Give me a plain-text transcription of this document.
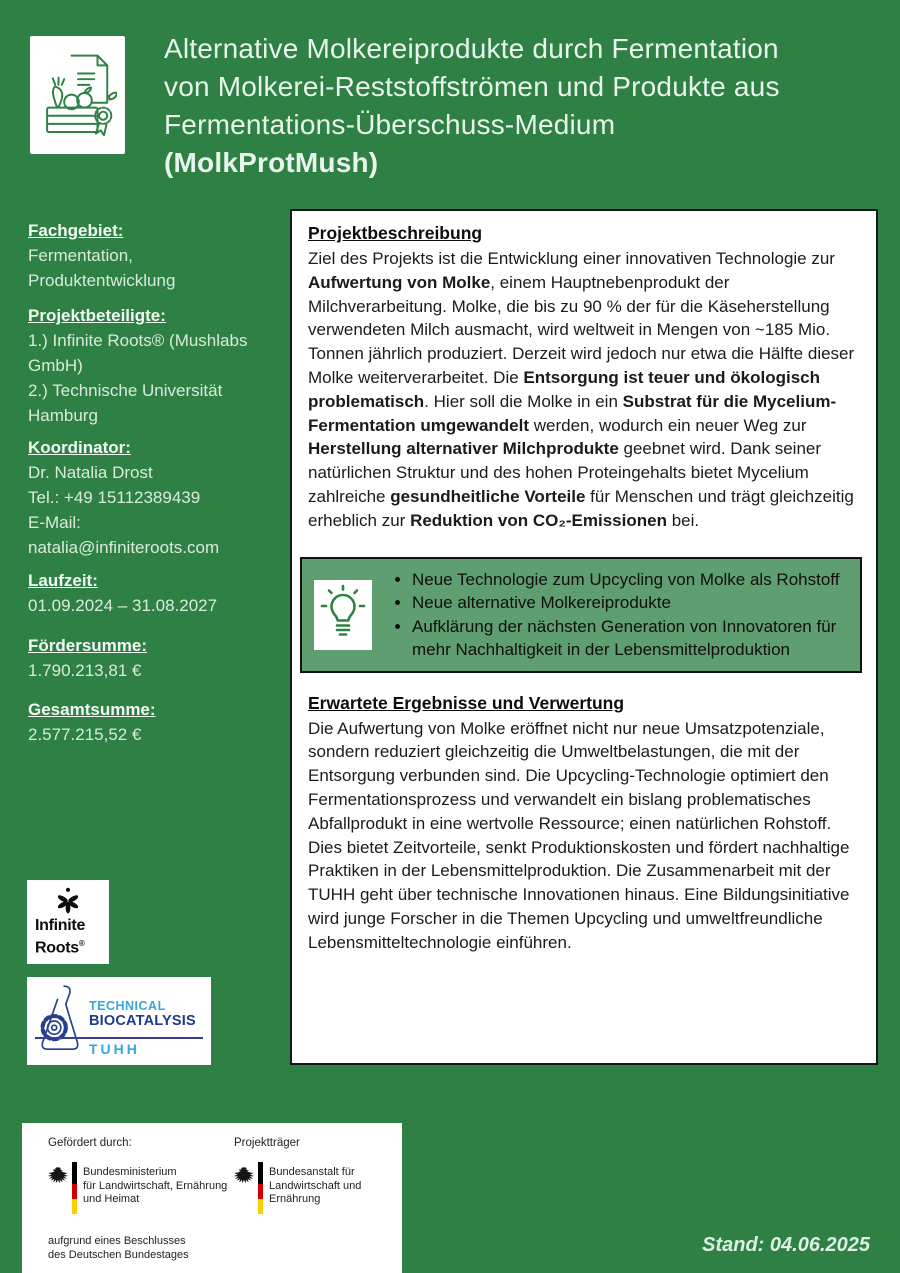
Alternative Molkereiprodukte durch Fermentation
von Molkerei-Reststoffströmen und Produkte aus
Fermentations-Überschuss-Medium
(MolkProtMush)
Fachgebiet:
Fermentation,
Produktentwicklung
Projektbeteiligte:
1.) Infinite Roots® (Mushlabs
GmbH)
2.) Technische Universität
Hamburg
Koordinator:
Dr. Natalia Drost
Tel.: +49 15112389439
E-Mail:
natalia@infiniteroots.com
Laufzeit:
01.09.2024 – 31.08.2027
Fördersumme:
1.790.213,81 €
Gesamtsumme:
2.577.215,52 €
Projektbeschreibung

Ziel des Projekts ist die Entwicklung einer innovativen Technologie zur Aufwertung von Molke, einem Hauptnebenprodukt der Milchverarbeitung. Molke, die bis zu 90 % der für die Käseherstellung verwendeten Milch ausmacht, wird weltweit in Mengen von ~185 Mio. Tonnen jährlich produziert. Derzeit wird jedoch nur etwa die Hälfte dieser Molke weiterverarbeitet. Die Entsorgung ist teuer und ökologisch problematisch. Hier soll die Molke in ein Substrat für die Mycelium-Fermentation umgewandelt werden, wodurch ein neuer Weg zur Herstellung alternativer Milchprodukte geebnet wird. Dank seiner natürlichen Struktur und des hohen Proteingehalts bietet Mycelium zahlreiche gesundheitliche Vorteile für Menschen und trägt gleichzeitig erheblich zur Reduktion von CO₂-Emissionen bei.

• Neue Technologie zum Upcycling von Molke als Rohstoff
• Neue alternative Molkereiprodukte
• Aufklärung der nächsten Generation von Innovatoren für mehr Nachhaltigkeit in der Lebensmittelproduktion
Erwartete Ergebnisse und Verwertung

Die Aufwertung von Molke eröffnet nicht nur neue Umsatzpotenziale, sondern reduziert gleichzeitig die Umweltbelastungen, die mit der Entsorgung verbunden sind. Die Upcycling-Technologie optimiert den Fermentationsprozess und verwandelt ein bislang problematisches Abfallprodukt in eine wertvolle Ressource; einen natürlichen Rohstoff. Dies bietet Zeitvorteile, senkt Produktionskosten und fördert nachhaltige Praktiken in der Lebensmittelproduktion. Die Zusammenarbeit mit der TUHH geht über technische Innovationen hinaus. Eine Bildungsinitiative wird junge Forscher in die Themen Upcycling und umweltfreundliche Lebensmitteltechnologie einführen.

Infinite
Roots®
TECHNICAL
BIOCATALYSIS
TUHH
Gefördert durch:	Projektträger
Bundesministerium
für Landwirtschaft, Ernährung
und Heimat
Bundesanstalt für
Landwirtschaft und Ernährung
aufgrund eines Beschlusses
des Deutschen Bundestages	Stand: 04.06.2025
